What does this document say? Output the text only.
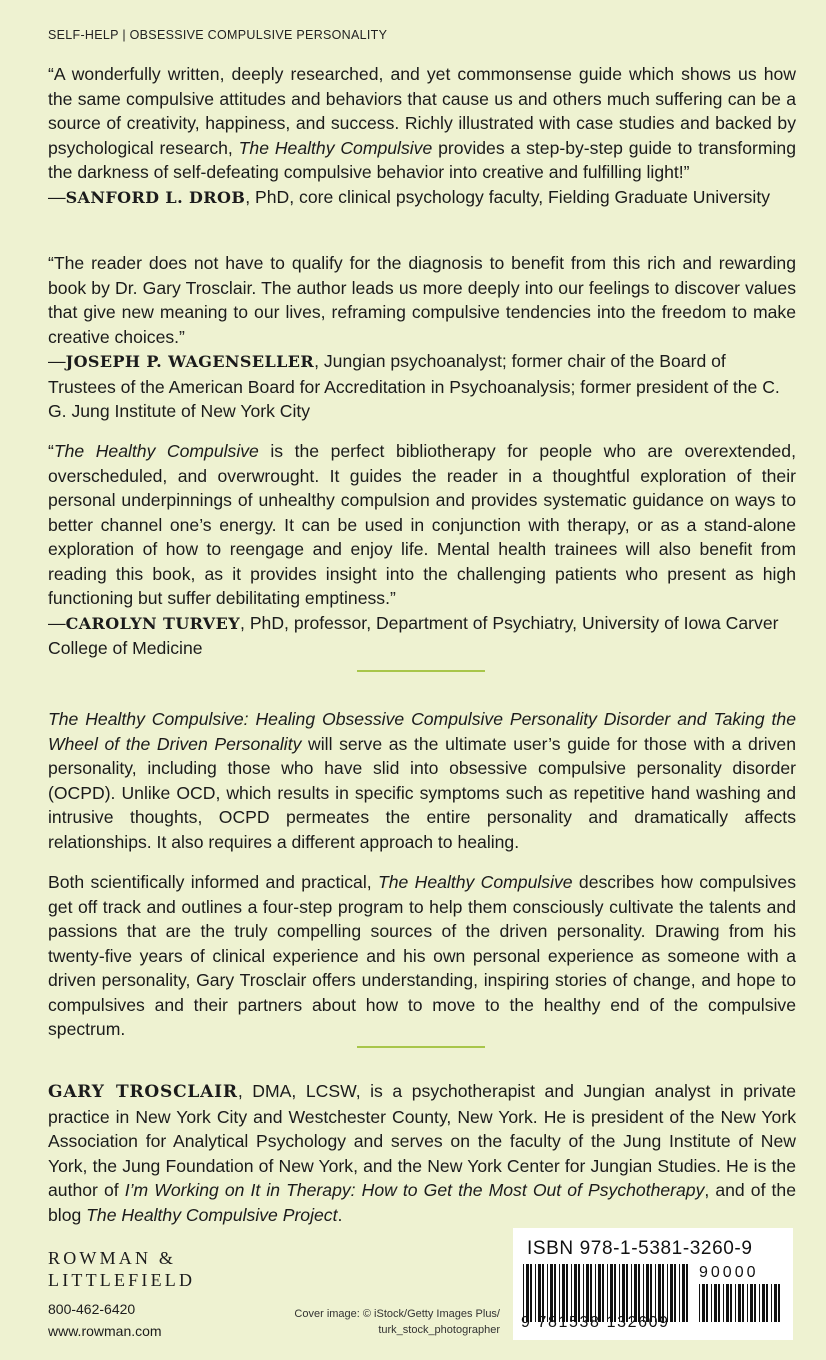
SELF-HELP | OBSESSIVE COMPULSIVE PERSONALITY

“A wonderfully written, deeply researched, and yet commonsense guide which shows us how the same compulsive attitudes and behaviors that cause us and others much suffering can be a source of creativity, happiness, and success. Richly illustrated with case studies and backed by psychological research, The Healthy Compulsive provides a step-by-step guide to transforming the darkness of self-defeating compulsive behavior into creative and fulfilling light!”

—SANFORD L. DROB, PhD, core clinical psychology faculty, Fielding Graduate University

“The reader does not have to qualify for the diagnosis to benefit from this rich and rewarding book by Dr. Gary Trosclair. The author leads us more deeply into our feelings to discover values that give new meaning to our lives, reframing compulsive tendencies into the freedom to make creative choices.”

—JOSEPH P. WAGENSELLER, Jungian psychoanalyst; former chair of the Board of Trustees of the American Board for Accreditation in Psychoanalysis; former president of the C. G. Jung Institute of New York City

“The Healthy Compulsive is the perfect bibliotherapy for people who are overextended, overscheduled, and overwrought. It guides the reader in a thoughtful exploration of their personal underpinnings of unhealthy compulsion and provides systematic guidance on ways to better channel one’s energy. It can be used in conjunction with therapy, or as a stand-alone exploration of how to reengage and enjoy life. Mental health trainees will also benefit from reading this book, as it provides insight into the challenging patients who present as high functioning but suffer debilitating emptiness.”

—CAROLYN TURVEY, PhD, professor, Department of Psychiatry, University of Iowa Carver College of Medicine

The Healthy Compulsive: Healing Obsessive Compulsive Personality Disorder and Taking the Wheel of the Driven Personality will serve as the ultimate user’s guide for those with a driven personality, including those who have slid into obsessive compulsive personality disorder (OCPD). Unlike OCD, which results in specific symptoms such as repetitive hand washing and intrusive thoughts, OCPD permeates the entire personality and dramatically affects relationships. It also requires a different approach to healing.

Both scientifically informed and practical, The Healthy Compulsive describes how compulsives get off track and outlines a four-step program to help them consciously cultivate the talents and passions that are the truly compelling sources of the driven personality. Drawing from his twenty-five years of clinical experience and his own personal experience as someone with a driven personality, Gary Trosclair offers understanding, inspiring stories of change, and hope to compulsives and their partners about how to move to the healthy end of the compulsive spectrum.

GARY TROSCLAIR, DMA, LCSW, is a psychotherapist and Jungian analyst in private practice in New York City and Westchester County, New York. He is president of the New York Association for Analytical Psychology and serves on the faculty of the Jung Institute of New York, the Jung Foundation of New York, and the New York Center for Jungian Studies. He is the author of I’m Working on It in Therapy: How to Get the Most Out of Psychotherapy, and of the blog The Healthy Compulsive Project.

ROWMAN &
LITTLEFIELD
800-462-6420
www.rowman.com
Cover image: © iStock/Getty Images Plus/
turk_stock_photographer
ISBN 978-1-5381-3260-9
90000
9 781538 132609
